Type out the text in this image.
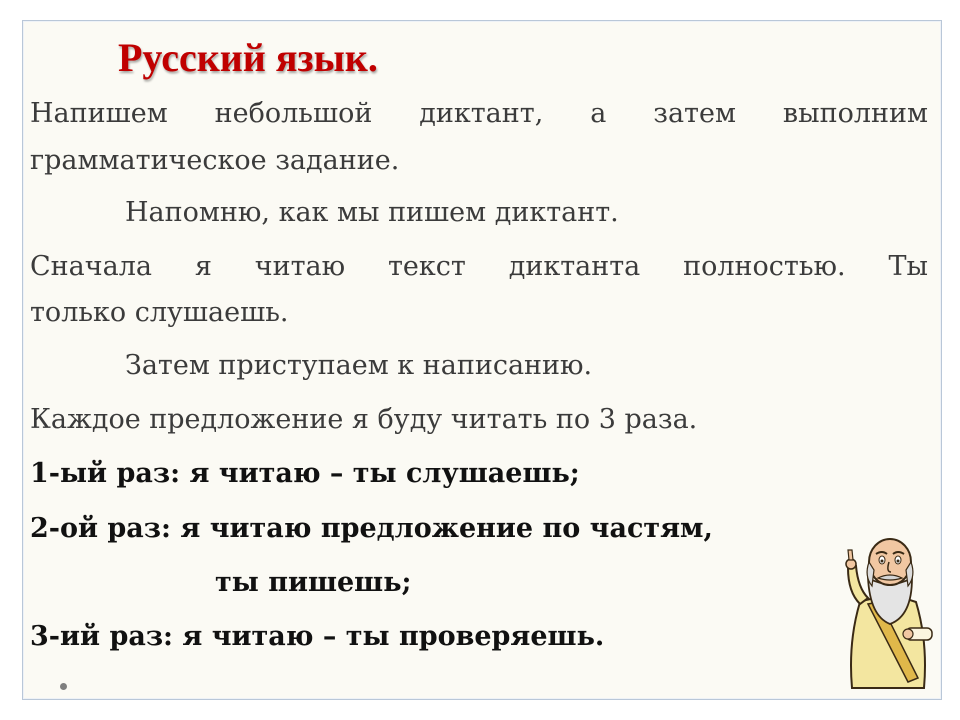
Русский язык.

Напишем небольшой диктант, а затем выполним

грамматическое задание.

Напомню, как мы пишем диктант.

Сначала я читаю текст диктанта полностью. Ты

только слушаешь.

Затем приступаем к написанию.

Каждое предложение я буду читать по 3 раза.

1-ый раз: я читаю – ты слушаешь;

2-ой раз: я читаю предложение по частям,

ты пишешь;

3-ий раз: я читаю – ты проверяешь.
